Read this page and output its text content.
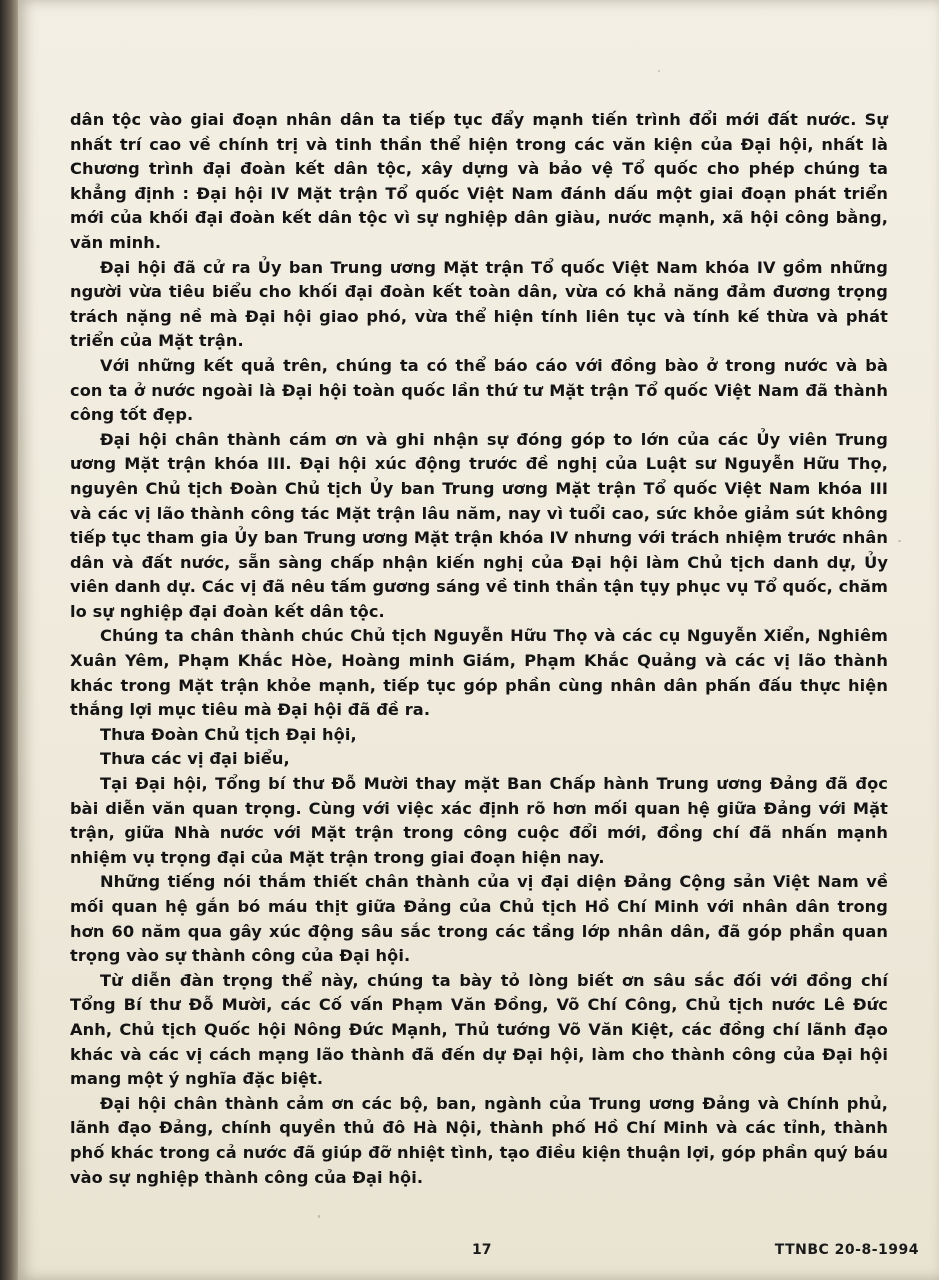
dân tộc vào giai đoạn nhân dân ta tiếp tục đẩy mạnh tiến trình đổi mới đất nước. Sự nhất trí cao về chính trị và tinh thần thể hiện trong các văn kiện của Đại hội, nhất là Chương trình đại đoàn kết dân tộc, xây dựng và bảo vệ Tổ quốc cho phép chúng ta khẳng định : Đại hội IV Mặt trận Tổ quốc Việt Nam đánh dấu một giai đoạn phát triển mới của khối đại đoàn kết dân tộc vì sự nghiệp dân giàu, nước mạnh, xã hội công bằng, văn minh.

Đại hội đã cử ra Ủy ban Trung ương Mặt trận Tổ quốc Việt Nam khóa IV gồm những người vừa tiêu biểu cho khối đại đoàn kết toàn dân, vừa có khả năng đảm đương trọng trách nặng nề mà Đại hội giao phó, vừa thể hiện tính liên tục và tính kế thừa và phát triển của Mặt trận.

Với những kết quả trên, chúng ta có thể báo cáo với đồng bào ở trong nước và bà con ta ở nước ngoài là Đại hội toàn quốc lần thứ tư Mặt trận Tổ quốc Việt Nam đã thành công tốt đẹp.

Đại hội chân thành cám ơn và ghi nhận sự đóng góp to lớn của các Ủy viên Trung ương Mặt trận khóa III. Đại hội xúc động trước đề nghị của Luật sư Nguyễn Hữu Thọ, nguyên Chủ tịch Đoàn Chủ tịch Ủy ban Trung ương Mặt trận Tổ quốc Việt Nam khóa III và các vị lão thành công tác Mặt trận lâu năm, nay vì tuổi cao, sức khỏe giảm sút không tiếp tục tham gia Ủy ban Trung ương Mặt trận khóa IV nhưng với trách nhiệm trước nhân dân và đất nước, sẵn sàng chấp nhận kiến nghị của Đại hội làm Chủ tịch danh dự, Ủy viên danh dự. Các vị đã nêu tấm gương sáng về tinh thần tận tụy phục vụ Tổ quốc, chăm lo sự nghiệp đại đoàn kết dân tộc.

Chúng ta chân thành chúc Chủ tịch Nguyễn Hữu Thọ và các cụ Nguyễn Xiển, Nghiêm Xuân Yêm, Phạm Khắc Hòe, Hoàng minh Giám, Phạm Khắc Quảng và các vị lão thành khác trong Mặt trận khỏe mạnh, tiếp tục góp phần cùng nhân dân phấn đấu thực hiện thắng lợi mục tiêu mà Đại hội đã đề ra.

Thưa Đoàn Chủ tịch Đại hội,

Thưa các vị đại biểu,

Tại Đại hội, Tổng bí thư Đỗ Mười thay mặt Ban Chấp hành Trung ương Đảng đã đọc bài diễn văn quan trọng. Cùng với việc xác định rõ hơn mối quan hệ giữa Đảng với Mặt trận, giữa Nhà nước với Mặt trận trong công cuộc đổi mới, đồng chí đã nhấn mạnh nhiệm vụ trọng đại của Mặt trận trong giai đoạn hiện nay.

Những tiếng nói thắm thiết chân thành của vị đại diện Đảng Cộng sản Việt Nam về mối quan hệ gắn bó máu thịt giữa Đảng của Chủ tịch Hồ Chí Minh với nhân dân trong hơn 60 năm qua gây xúc động sâu sắc trong các tầng lớp nhân dân, đã góp phần quan trọng vào sự thành công của Đại hội.

Từ diễn đàn trọng thể này, chúng ta bày tỏ lòng biết ơn sâu sắc đối với đồng chí Tổng Bí thư Đỗ Mười, các Cố vấn Phạm Văn Đồng, Võ Chí Công, Chủ tịch nước Lê Đức Anh, Chủ tịch Quốc hội Nông Đức Mạnh, Thủ tướng Võ Văn Kiệt, các đồng chí lãnh đạo khác và các vị cách mạng lão thành đã đến dự Đại hội, làm cho thành công của Đại hội mang một ý nghĩa đặc biệt.

Đại hội chân thành cảm ơn các bộ, ban, ngành của Trung ương Đảng và Chính phủ, lãnh đạo Đảng, chính quyền thủ đô Hà Nội, thành phố Hồ Chí Minh và các tỉnh, thành phố khác trong cả nước đã giúp đỡ nhiệt tình, tạo điều kiện thuận lợi, góp phần quý báu vào sự nghiệp thành công của Đại hội.

17	TTNBC 20-8-1994
